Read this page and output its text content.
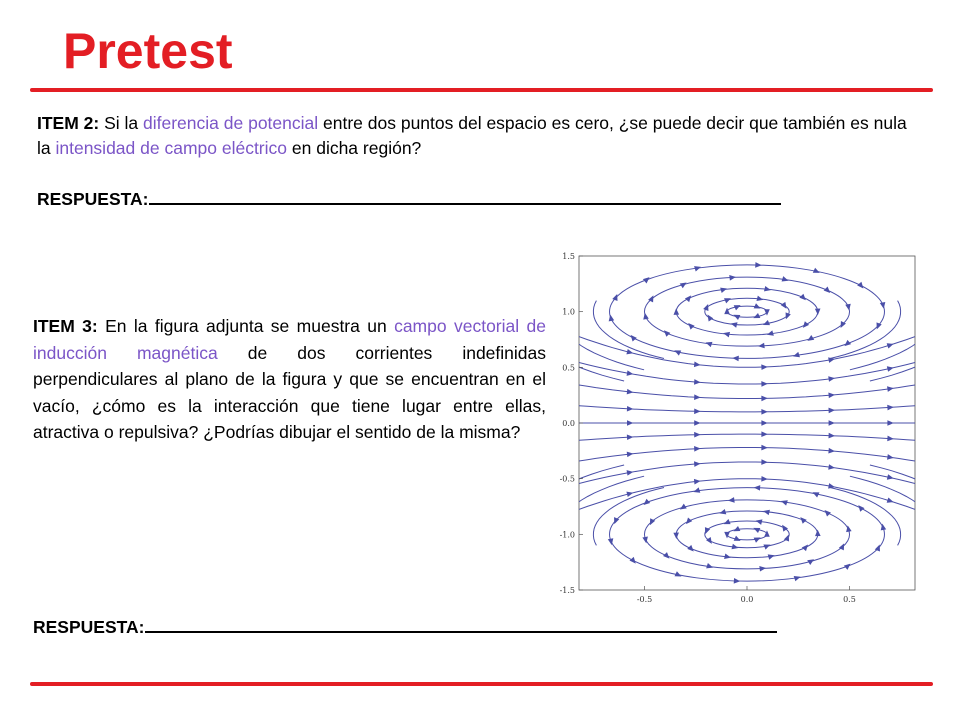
Pretest
ITEM 2: Si la diferencia de potencial entre dos puntos del espacio es cero, ¿se puede decir que también es nula la intensidad de campo eléctrico en dicha región?
RESPUESTA:
ITEM 3: En la figura adjunta se muestra un campo vectorial de inducción magnética de dos corrientes indefinidas perpendiculares al plano de la figura y que se encuentran en el vacío, ¿cómo es la interacción que tiene lugar entre ellas, atractiva o repulsiva? ¿Podrías dibujar el sentido de la misma?
1.5
1.0
0.5
0.0
-0.5
-1.0
-1.5
-0.5	0.0	0.5
RESPUESTA:
